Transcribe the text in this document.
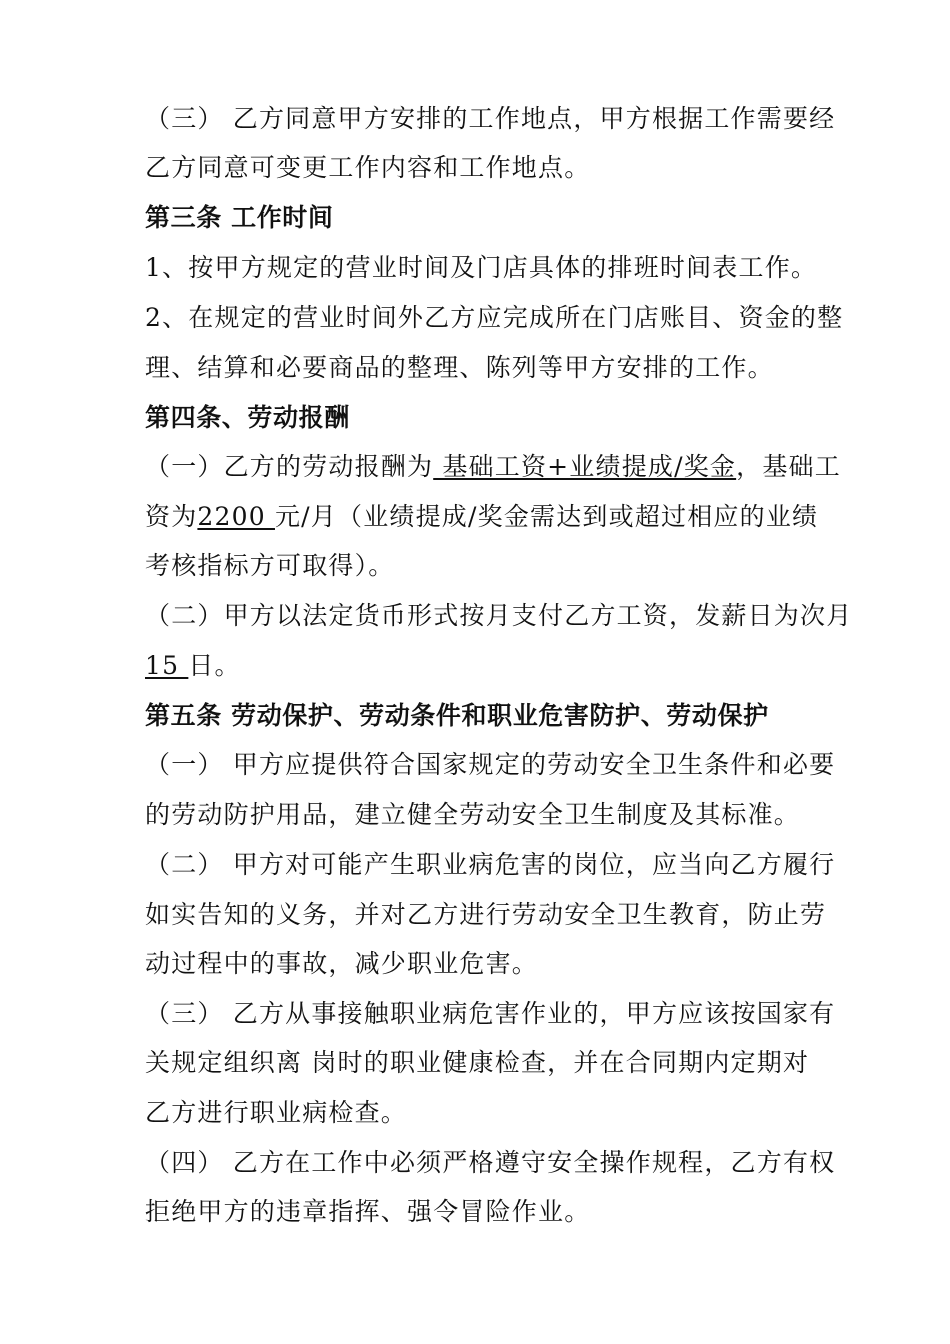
（三） 乙方同意甲方安排的工作地点，甲方根据工作需要经
乙方同意可变更工作内容和工作地点。
第三条 工作时间
1、按甲方规定的营业时间及门店具体的排班时间表工作。
2、在规定的营业时间外乙方应完成所在门店账目、资金的整
理、结算和必要商品的整理、陈列等甲方安排的工作。
第四条、劳动报酬
（一）乙方的劳动报酬为 基础工资+业绩提成/奖金，基础工
资为2200 元/月（业绩提成/奖金需达到或超过相应的业绩
考核指标方可取得）。
（二）甲方以法定货币形式按月支付乙方工资，发薪日为次月
15 日。
第五条 劳动保护、劳动条件和职业危害防护、劳动保护
（一） 甲方应提供符合国家规定的劳动安全卫生条件和必要
的劳动防护用品，建立健全劳动安全卫生制度及其标准。
（二） 甲方对可能产生职业病危害的岗位，应当向乙方履行
如实告知的义务，并对乙方进行劳动安全卫生教育，防止劳
动过程中的事故，减少职业危害。
（三） 乙方从事接触职业病危害作业的，甲方应该按国家有
关规定组织离 岗时的职业健康检查，并在合同期内定期对
乙方进行职业病检查。
（四） 乙方在工作中必须严格遵守安全操作规程，乙方有权
拒绝甲方的违章指挥、强令冒险作业。
